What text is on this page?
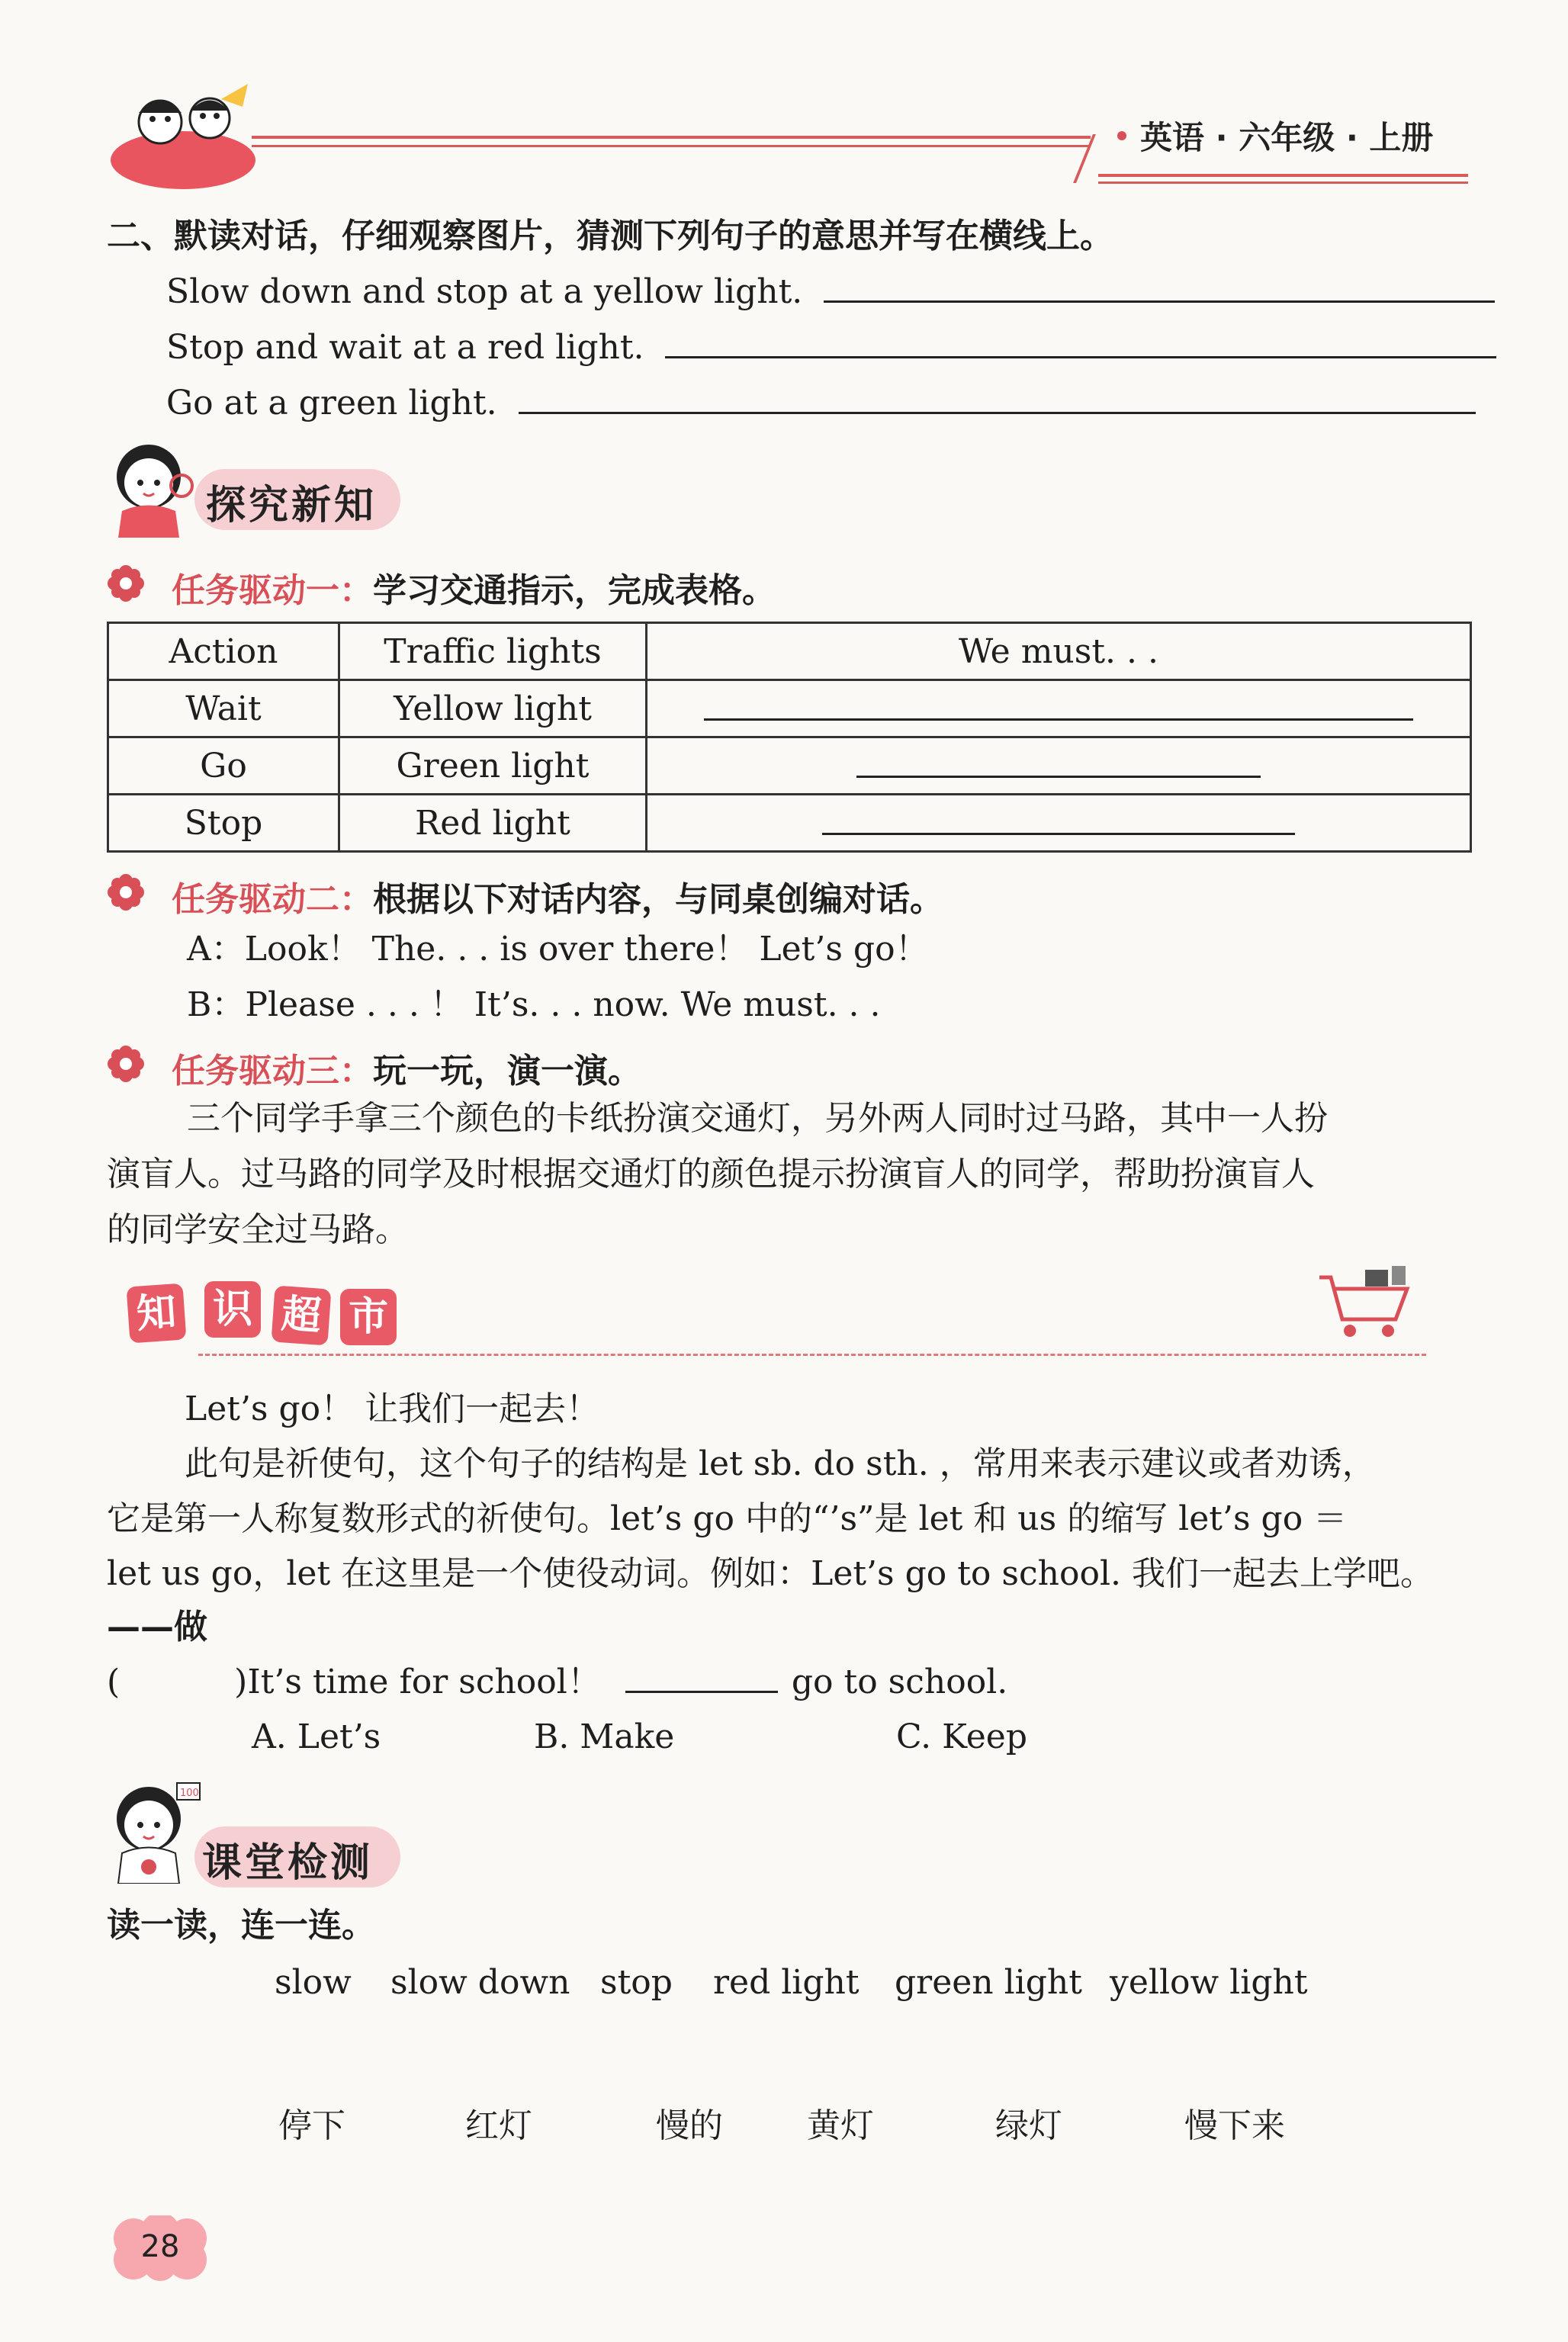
英语 · 六年级 · 上册
二、默读对话，仔细观察图片，猜测下列句子的意思并写在横线上。
Slow down and stop at a yellow light.
Stop and wait at a red light.
Go at a green light.
探究新知
任务驱动一：学习交通指示，完成表格。
Action	Traffic lights	We must. . .
Wait	Yellow light	
Go	Green light	
Stop	Red light	
任务驱动二：根据以下对话内容，与同桌创编对话。
A：Look！ The. . . is over there！ Let’s go！
B：Please . . . ！ It’s. . . now. We must. . .
任务驱动三：玩一玩，演一演。
三个同学手拿三个颜色的卡纸扮演交通灯，另外两人同时过马路，其中一人扮
演盲人。过马路的同学及时根据交通灯的颜色提示扮演盲人的同学，帮助扮演盲人
的同学安全过马路。
知 识 超 市
Let’s go！ 让我们一起去！
此句是祈使句，这个句子的结构是 let sb. do sth. ，常用来表示建议或者劝诱，
它是第一人称复数形式的祈使句。let’s go 中的“’s”是 let 和 us 的缩写 let’s go ＝
let us go，let 在这里是一个使役动词。例如：Let’s go to school. 我们一起去上学吧。
——做
(	)It’s time for school！	go to school.
A. Let’s	B. Make	C. Keep
100
课堂检测
读一读，连一连。
slow slow down stop red light green light yellow light
停下	红灯	慢的	黄灯	绿灯	慢下来
28
